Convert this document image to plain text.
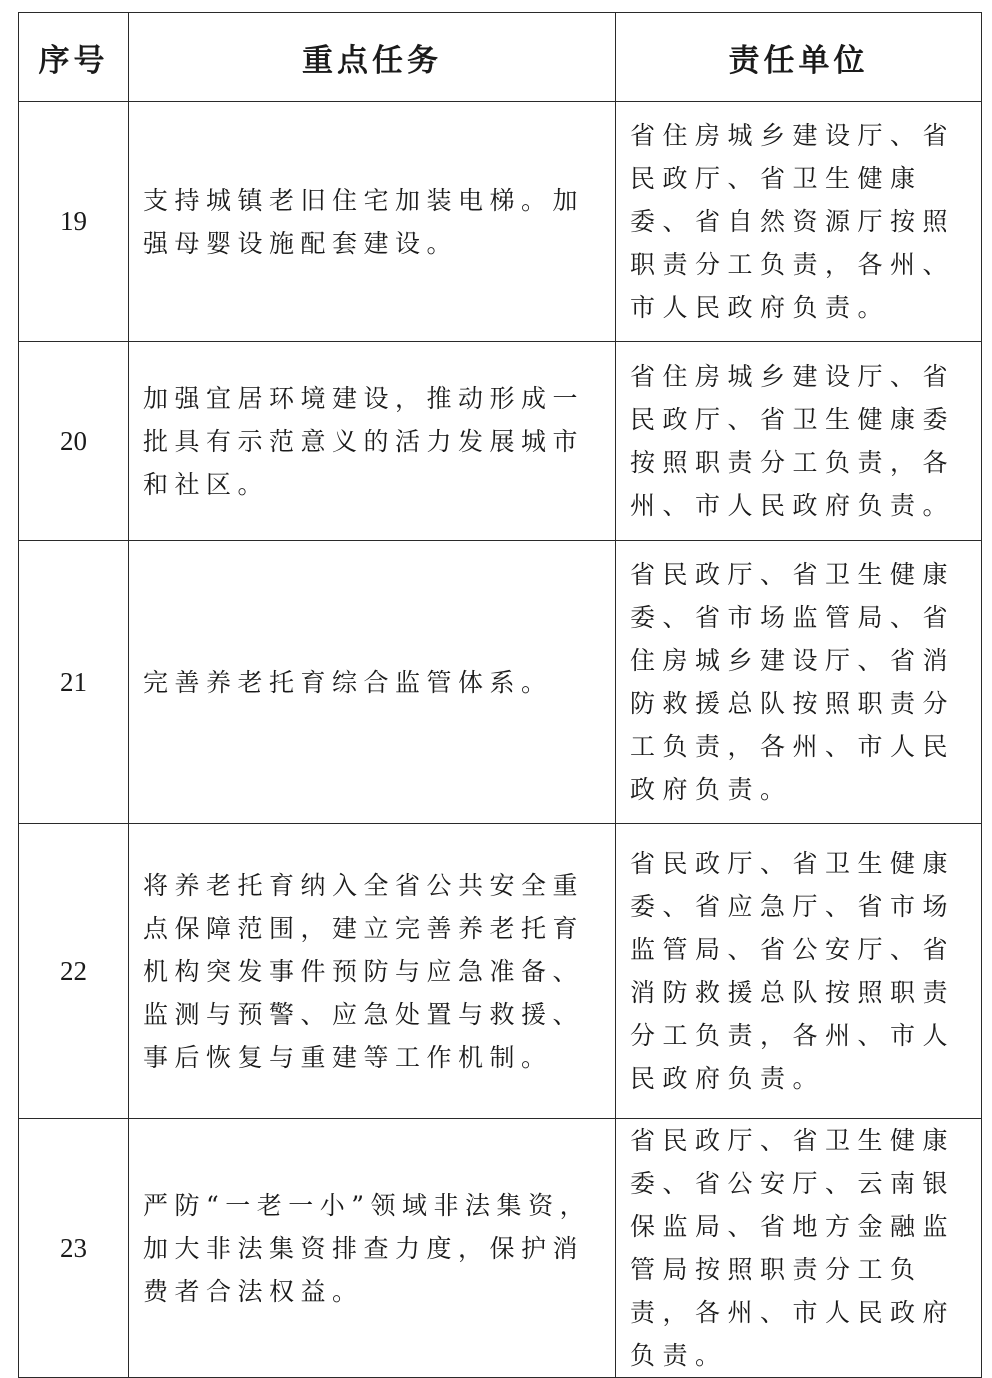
序号	重点任务	责任单位
19	支持城镇老旧住宅加装电梯。加强母婴设施配套建设。	省住房城乡建设厅、省民政厅、省卫生健康委、省自然资源厅按照职责分工负责，各州、市人民政府负责。

20	加强宜居环境建设，推动形成一批具有示范意义的活力发展城市和社区。	省住房城乡建设厅、省民政厅、省卫生健康委按照职责分工负责，各州、市人民政府负责。

21	完善养老托育综合监管体系。	省民政厅、省卫生健康委、省市场监管局、省住房城乡建设厅、省消防救援总队按照职责分工负责，各州、市人民政府负责。

22	将养老托育纳入全省公共安全重点保障范围，建立完善养老托育机构突发事件预防与应急准备、监测与预警、应急处置与救援、事后恢复与重建等工作机制。	省民政厅、省卫生健康委、省应急厅、省市场监管局、省公安厅、省消防救援总队按照职责分工负责，各州、市人民政府负责。

23	严防“一老一小”领域非法集资，加大非法集资排查力度，保护消费者合法权益。	省民政厅、省卫生健康委、省公安厅、云南银保监局、省地方金融监管局按照职责分工负责，各州、市人民政府负责。
